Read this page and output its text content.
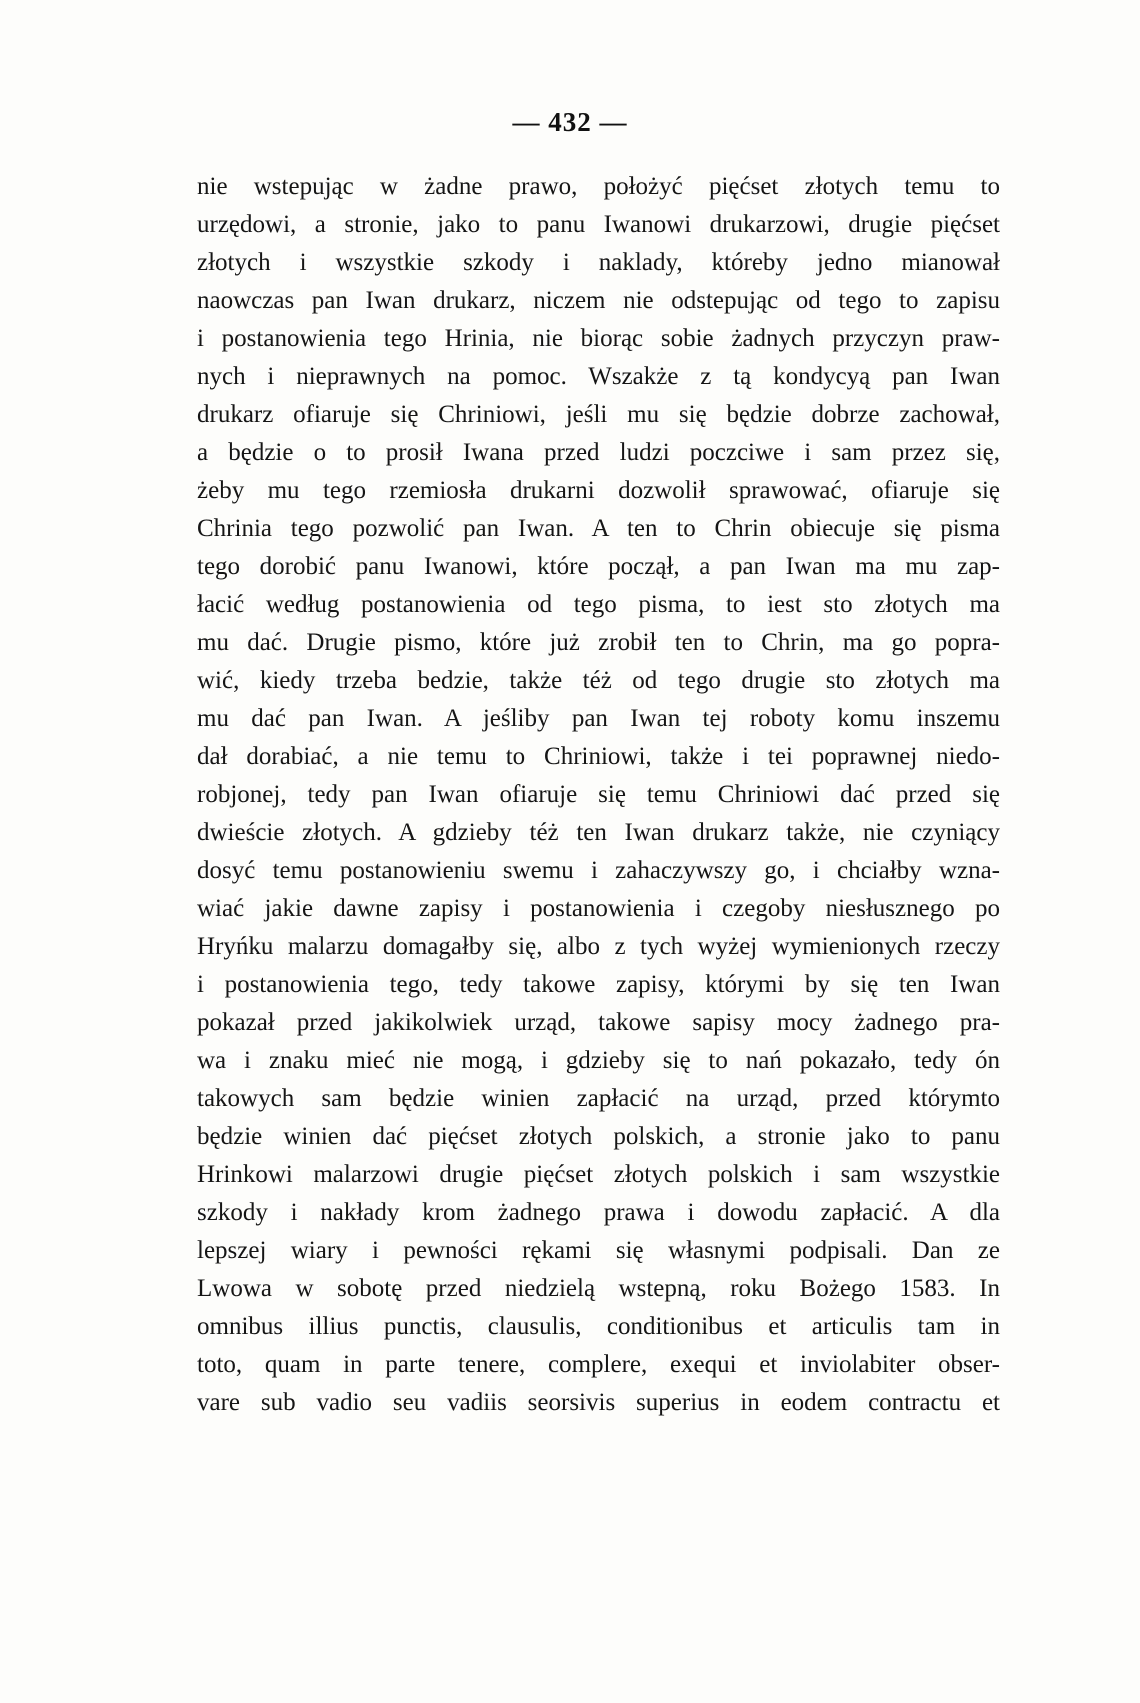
— 432 —
nie wstepując w żadne prawo, położyć pięćset złotych temu to
urzędowi, a stronie, jako to panu Iwanowi drukarzowi, drugie pięćset
złotych i wszystkie szkody i naklady, któreby jedno mianował
naowczas pan Iwan drukarz, niczem nie odstepując od tego to zapisu
i postanowienia tego Hrinia, nie biorąc sobie żadnych przyczyn praw-
nych i nieprawnych na pomoc. Wszakże z tą kondycyą pan Iwan
drukarz ofiaruje się Chriniowi, jeśli mu się będzie dobrze zachował,
a będzie o to prosił Iwana przed ludzi poczciwe i sam przez się,
żeby mu tego rzemiosła drukarni dozwolił sprawować, ofiaruje się
Chrinia tego pozwolić pan Iwan. A ten to Chrin obiecuje się pisma
tego dorobić panu Iwanowi, które począł, a pan Iwan ma mu zap-
łacić według postanowienia od tego pisma, to iest sto złotych ma
mu dać. Drugie pismo, które już zrobił ten to Chrin, ma go popra-
wić, kiedy trzeba bedzie, także téż od tego drugie sto złotych ma
mu dać pan Iwan. A jeśliby pan Iwan tej roboty komu inszemu
dał dorabiać, a nie temu to Chriniowi, także i tei poprawnej niedo-
robjonej, tedy pan Iwan ofiaruje się temu Chriniowi dać przed się
dwieście złotych. A gdzieby téż ten Iwan drukarz także, nie czyniący
dosyć temu postanowieniu swemu i zahaczywszy go, i chciałby wzna-
wiać jakie dawne zapisy i postanowienia i czegoby niesłusznego po
Hryńku malarzu domagałby się, albo z tych wyżej wymienionych rzeczy
i postanowienia tego, tedy takowe zapisy, którymi by się ten Iwan
pokazał przed jakikolwiek urząd, takowe sapisy mocy żadnego pra-
wa i znaku mieć nie mogą, i gdzieby się to nań pokazało, tedy ón
takowych sam będzie winien zapłacić na urząd, przed którymto
będzie winien dać pięćset złotych polskich, a stronie jako to panu
Hrinkowi malarzowi drugie pięćset złotych polskich i sam wszystkie
szkody i nakłady krom żadnego prawa i dowodu zapłacić. A dla
lepszej wiary i pewności rękami się własnymi podpisali. Dan ze
Lwowa w sobotę przed niedzielą wstepną, roku Bożego 1583. In
omnibus illius punctis, clausulis, conditionibus et articulis tam in
toto, quam in parte tenere, complere, exequi et inviolabiter obser-
vare sub vadio seu vadiis seorsivis superius in eodem contractu et
